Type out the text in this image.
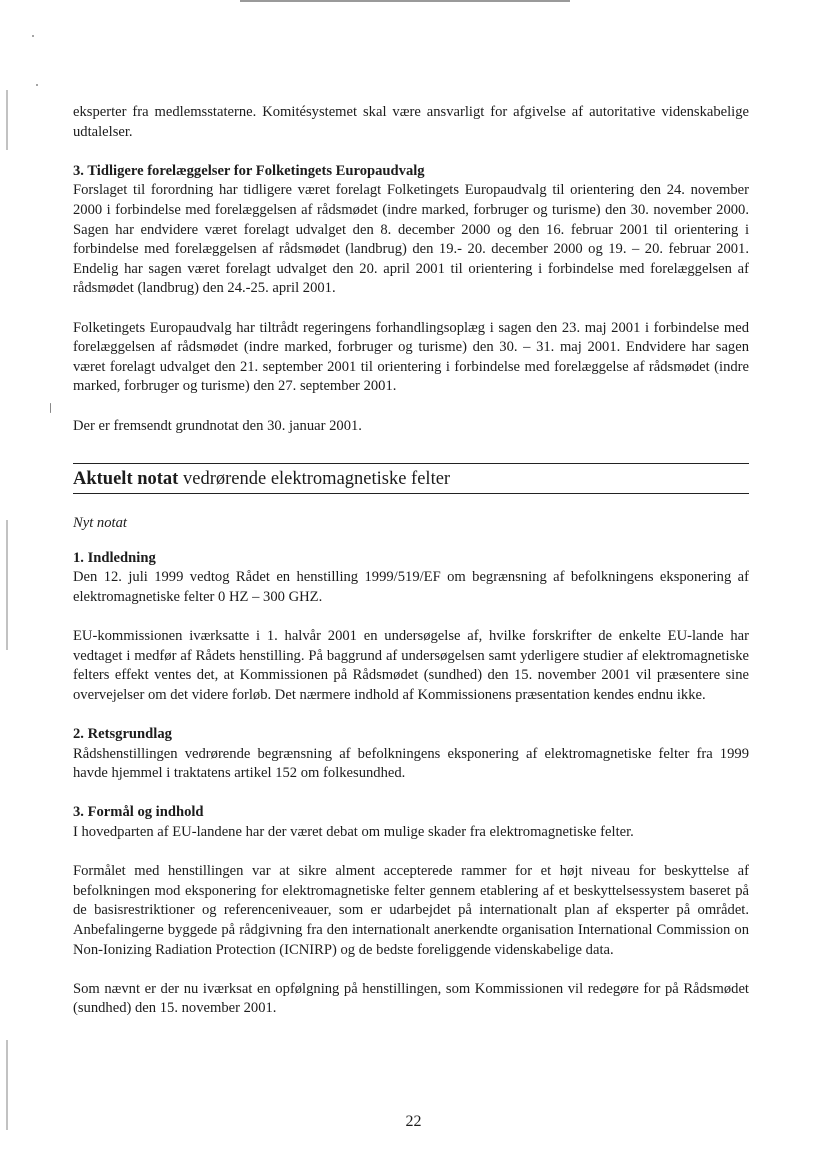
eksperter fra medlemsstaterne. Komitésystemet skal være ansvarligt for afgivelse af autoritative videnskabelige udtalelser.

3. Tidligere forelæggelser for Folketingets Europaudvalg

Forslaget til forordning har tidligere været forelagt Folketingets Europaudvalg til orientering den 24. november 2000 i forbindelse med forelæggelsen af rådsmødet (indre marked, forbruger og turisme) den 30. november 2000. Sagen har endvidere været forelagt udvalget den 8. december 2000 og den 16. februar 2001 til orientering i forbindelse med forelæggelsen af rådsmødet (landbrug) den 19.- 20. december 2000 og 19. – 20. februar 2001. Endelig har sagen været forelagt udvalget den 20. april 2001 til orientering i forbindelse med forelæggelsen af rådsmødet (landbrug) den 24.-25. april 2001.

Folketingets Europaudvalg har tiltrådt regeringens forhandlingsoplæg i sagen den 23. maj 2001 i forbindelse med forelæggelsen af rådsmødet (indre marked, forbruger og turisme) den 30. – 31. maj 2001. Endvidere har sagen været forelagt udvalget den 21. september 2001 til orientering i forbindelse med forelæggelse af rådsmødet (indre marked, forbruger og turisme) den 27. september 2001.

Der er fremsendt grundnotat den 30. januar 2001.

Aktuelt notat vedrørende elektromagnetiske felter

Nyt notat

1. Indledning

Den 12. juli 1999 vedtog Rådet en henstilling 1999/519/EF om begrænsning af befolkningens eksponering af elektromagnetiske felter 0 HZ – 300 GHZ.

EU-kommissionen iværksatte i 1. halvår 2001 en undersøgelse af, hvilke forskrifter de enkelte EU-lande har vedtaget i medfør af Rådets henstilling. På baggrund af undersøgelsen samt yderligere studier af elektromagnetiske felters effekt ventes det, at Kommissionen på Rådsmødet (sundhed) den 15. november 2001 vil præsentere sine overvejelser om det videre forløb. Det nærmere indhold af Kommissionens præsentation kendes endnu ikke.

2. Retsgrundlag

Rådshenstillingen vedrørende begrænsning af befolkningens eksponering af elektromagnetiske felter fra 1999 havde hjemmel i traktatens artikel 152 om folkesundhed.

3. Formål og indhold

I hovedparten af EU-landene har der været debat om mulige skader fra elektromagnetiske felter.

Formålet med henstillingen var at sikre alment accepterede rammer for et højt niveau for beskyttelse af befolkningen mod eksponering for elektromagnetiske felter gennem etablering af et beskyttelsessystem baseret på de basisrestriktioner og referenceniveauer, som er udarbejdet på internationalt plan af eksperter på området. Anbefalingerne byggede på rådgivning fra den internationalt anerkendte organisation International Commission on Non-Ionizing Radiation Protection (ICNIRP) og de bedste foreliggende videnskabelige data.

Som nævnt er der nu iværksat en opfølgning på henstillingen, som Kommissionen vil redegøre for på Rådsmødet (sundhed) den 15. november 2001.

22
